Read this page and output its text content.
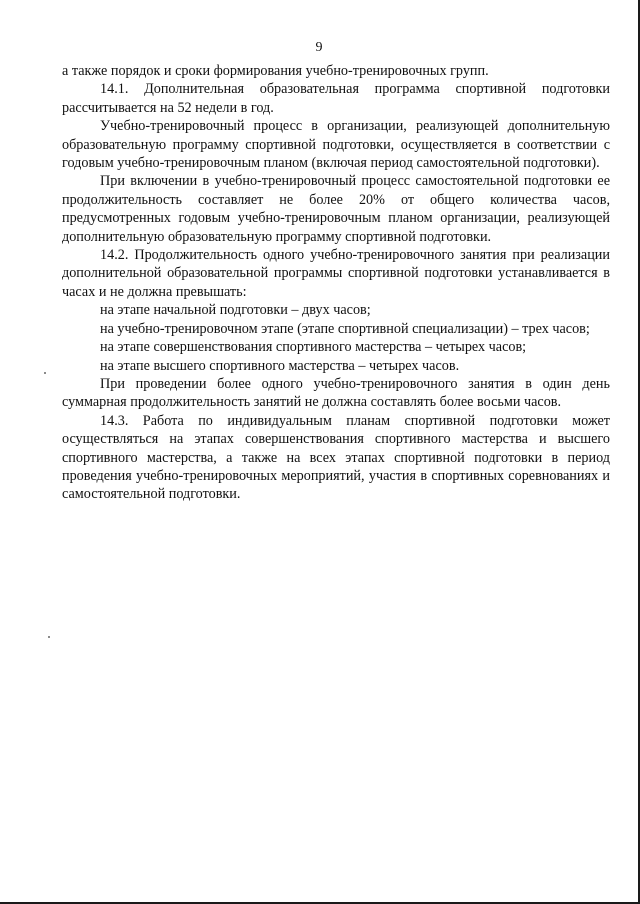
9

а также порядок и сроки формирования учебно-тренировочных групп.

14.1. Дополнительная образовательная программа спортивной подготовки рассчитывается на 52 недели в год.

Учебно-тренировочный процесс в организации, реализующей дополнительную образовательную программу спортивной подготовки, осуществляется в соответствии с годовым учебно-тренировочным планом (включая период самостоятельной подготовки).

При включении в учебно-тренировочный процесс самостоятельной подготовки ее продолжительность составляет не более 20% от общего количества часов, предусмотренных годовым учебно-тренировочным планом организации, реализующей дополнительную образовательную программу спортивной подготовки.

14.2. Продолжительность одного учебно-тренировочного занятия при реализации дополнительной образовательной программы спортивной подготовки устанавливается в часах и не должна превышать:

на этапе начальной подготовки – двух часов;

на учебно-тренировочном этапе (этапе спортивной специализации) – трех часов;

на этапе совершенствования спортивного мастерства – четырех часов;

на этапе высшего спортивного мастерства – четырех часов.

При проведении более одного учебно-тренировочного занятия в один день суммарная продолжительность занятий не должна составлять более восьми часов.

14.3. Работа по индивидуальным планам спортивной подготовки может осуществляться на этапах совершенствования спортивного мастерства и высшего спортивного мастерства, а также на всех этапах спортивной подготовки в период проведения учебно-тренировочных мероприятий, участия в спортивных соревнованиях и самостоятельной подготовки.
